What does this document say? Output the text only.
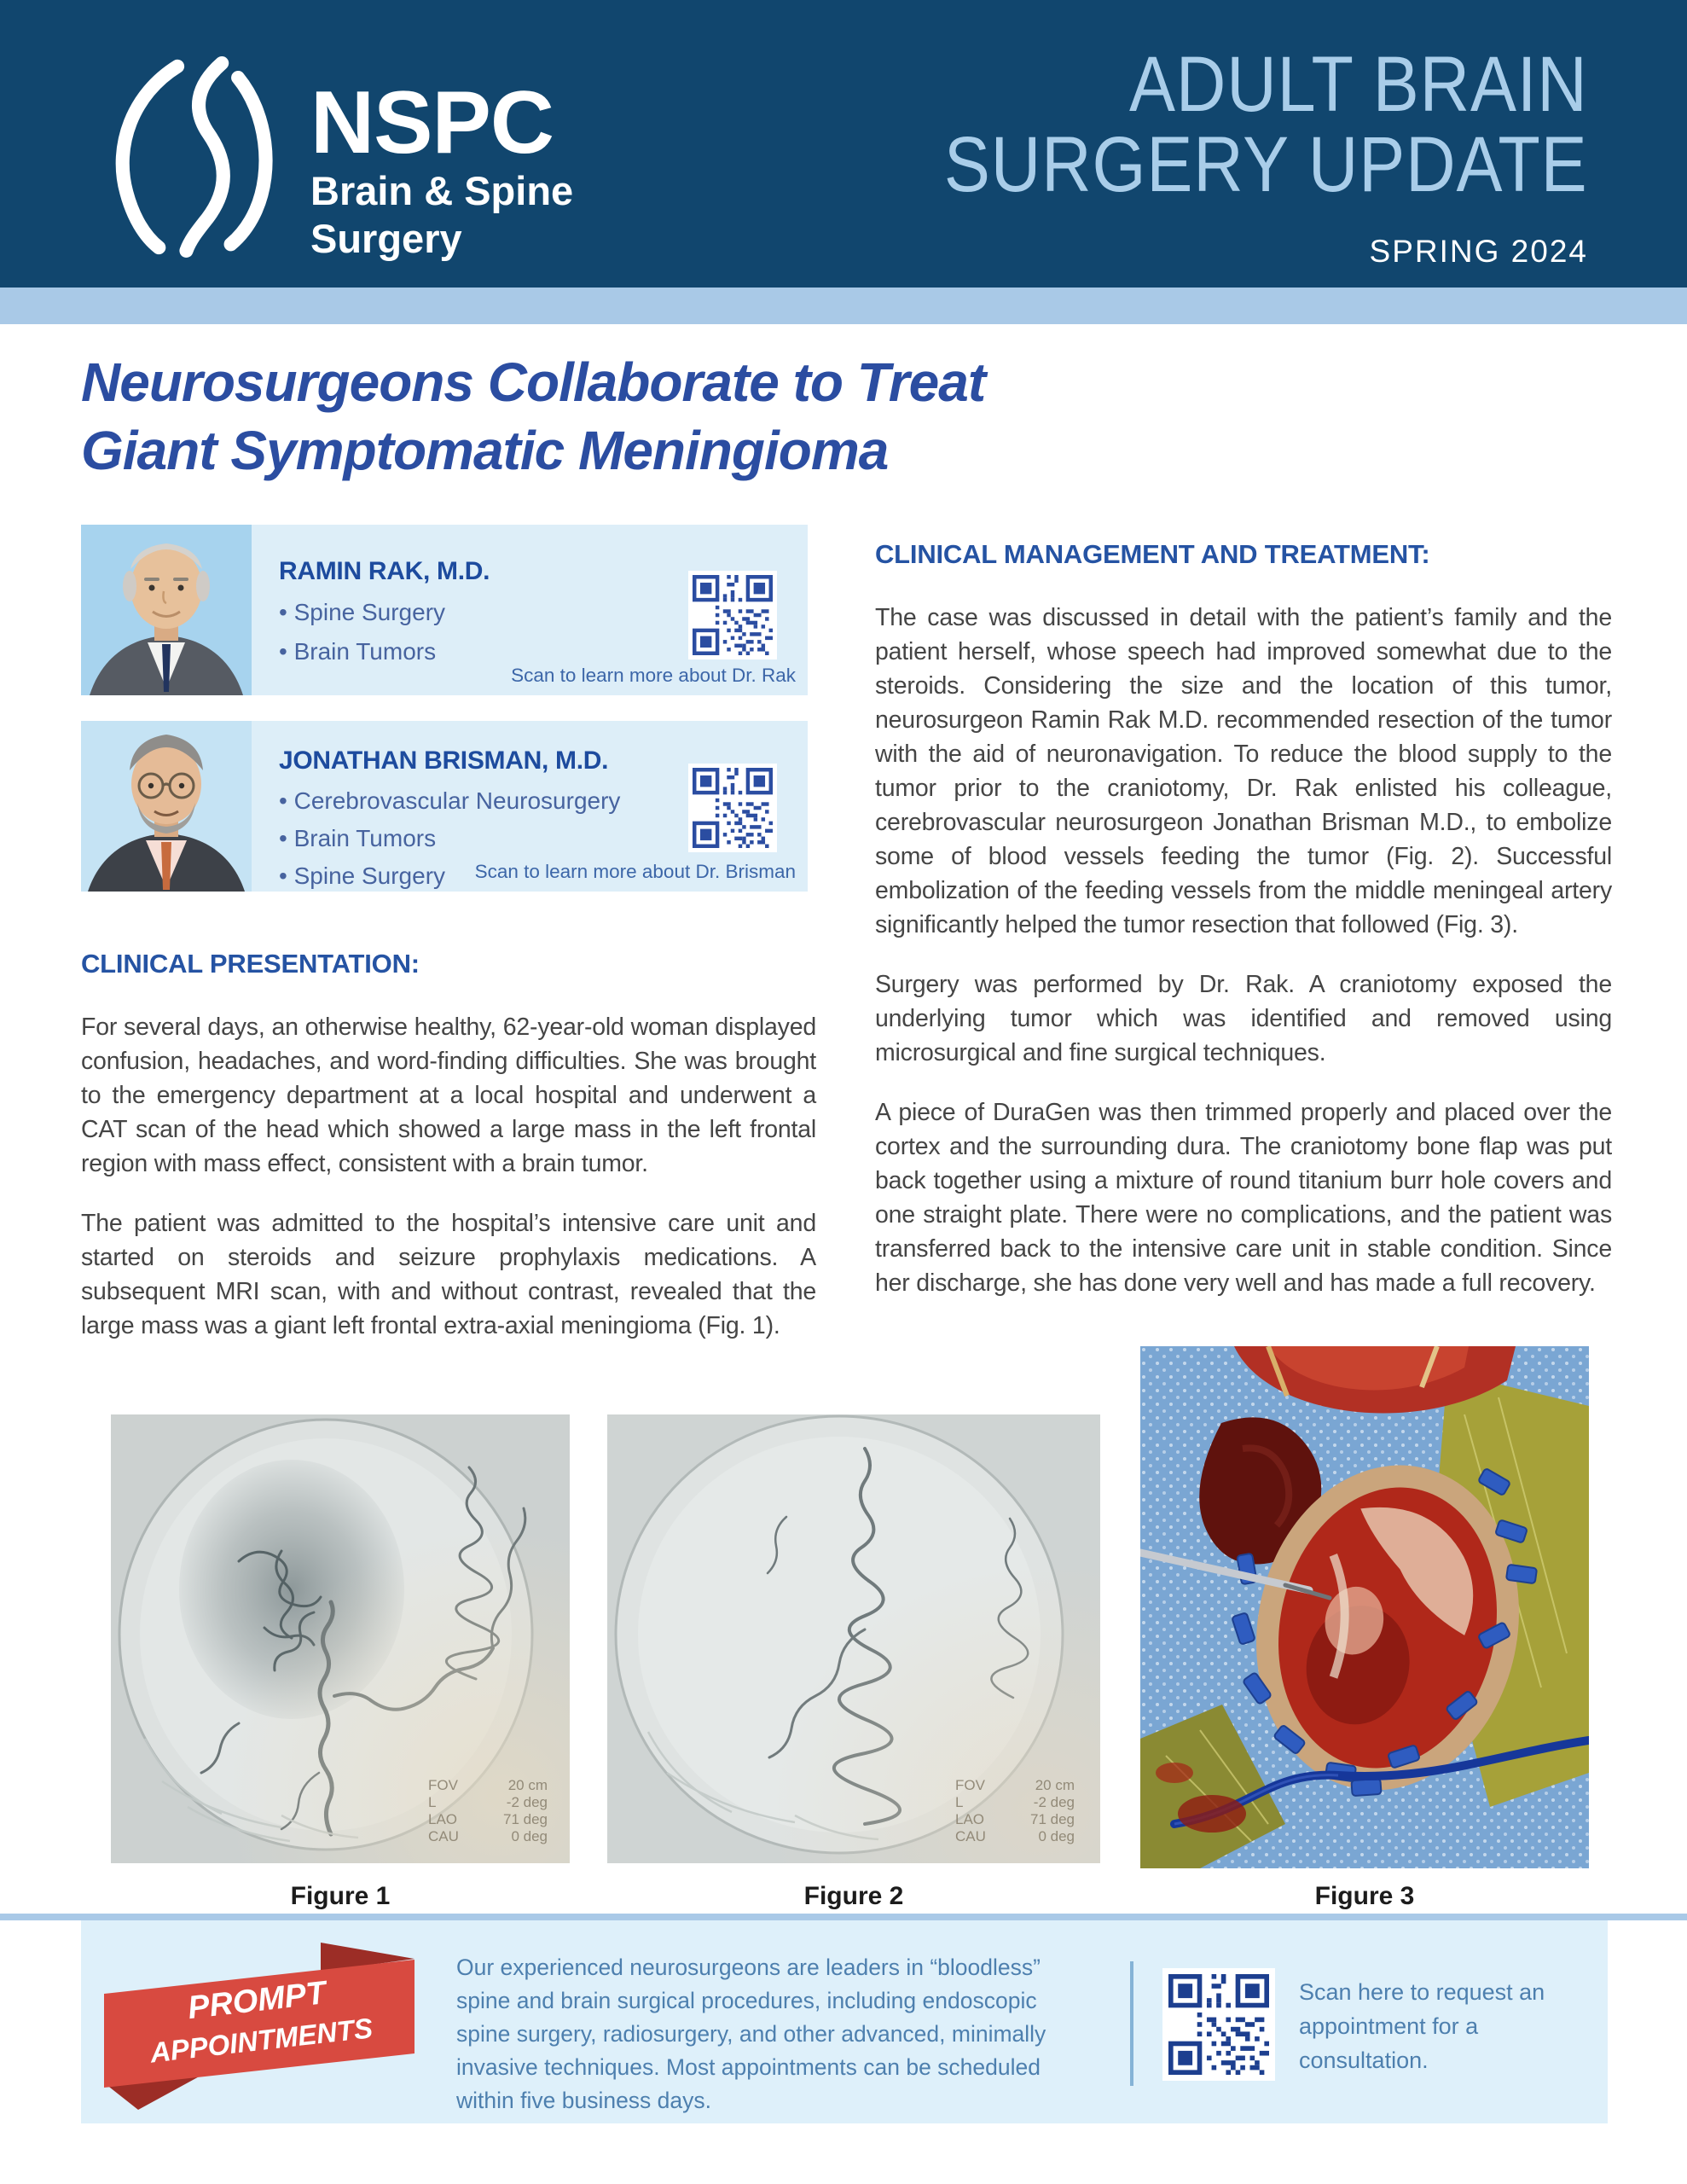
NSPC
Brain & Spine
Surgery
ADULT BRAIN
SURGERY UPDATE
SPRING 2024
Neurosurgeons Collaborate to Treat
Giant Symptomatic Meningioma
RAMIN RAK, M.D.
• Spine Surgery
• Brain Tumors
Scan to learn more about Dr. Rak
JONATHAN BRISMAN, M.D.
• Cerebrovascular Neurosurgery
• Brain Tumors
• Spine Surgery	Scan to learn more about Dr. Brisman
CLINICAL PRESENTATION:

For several days, an otherwise healthy, 62-year-old woman displayed confusion, headaches, and word-finding difficulties. She was brought to the emergency department at a local hospital and underwent a CAT scan of the head which showed a large mass in the left frontal region with mass effect, consistent with a brain tumor.

The patient was admitted to the hospital’s intensive care unit and started on steroids and seizure prophylaxis medications. A subsequent MRI scan, with and without contrast, revealed that the large mass was a giant left frontal extra-axial meningioma (Fig. 1).

CLINICAL MANAGEMENT AND TREATMENT:

The case was discussed in detail with the patient’s family and the patient herself, whose speech had improved somewhat due to the steroids. Considering the size and the location of this tumor, neurosurgeon Ramin Rak M.D. recommended resection of the tumor with the aid of neuronavigation. To reduce the blood supply to the tumor prior to the craniotomy, Dr. Rak enlisted his colleague, cerebrovascular neurosurgeon Jonathan Brisman M.D., to embolize some of blood vessels feeding the tumor (Fig. 2). Successful embolization of the feeding vessels from the middle meningeal artery significantly helped the tumor resection that followed (Fig. 3).

Surgery was performed by Dr. Rak. A craniotomy exposed the underlying tumor which was identified and removed using microsurgical and fine surgical techniques.

A piece of DuraGen was then trimmed properly and placed over the cortex and the surrounding dura. The craniotomy bone flap was put back together using a mixture of round titanium burr hole covers and one straight plate. There were no complications, and the patient was transferred back to the intensive care unit in stable condition. Since her discharge, she has done very well and has made a full recovery.

FOV	20 cm
L	-2 deg
LAO	71 deg
CAU	0 deg
FOV	20 cm
L	-2 deg
LAO	71 deg
CAU	0 deg
Figure 1	Figure 2	Figure 3
PROMPT
APPOINTMENTS
Our experienced neurosurgeons are leaders in “bloodless” spine and brain surgical procedures, including endoscopic spine surgery, radiosurgery, and other advanced, minimally invasive techniques. Most appointments can be scheduled within five business days.
Scan here to request an appointment for a consultation.
